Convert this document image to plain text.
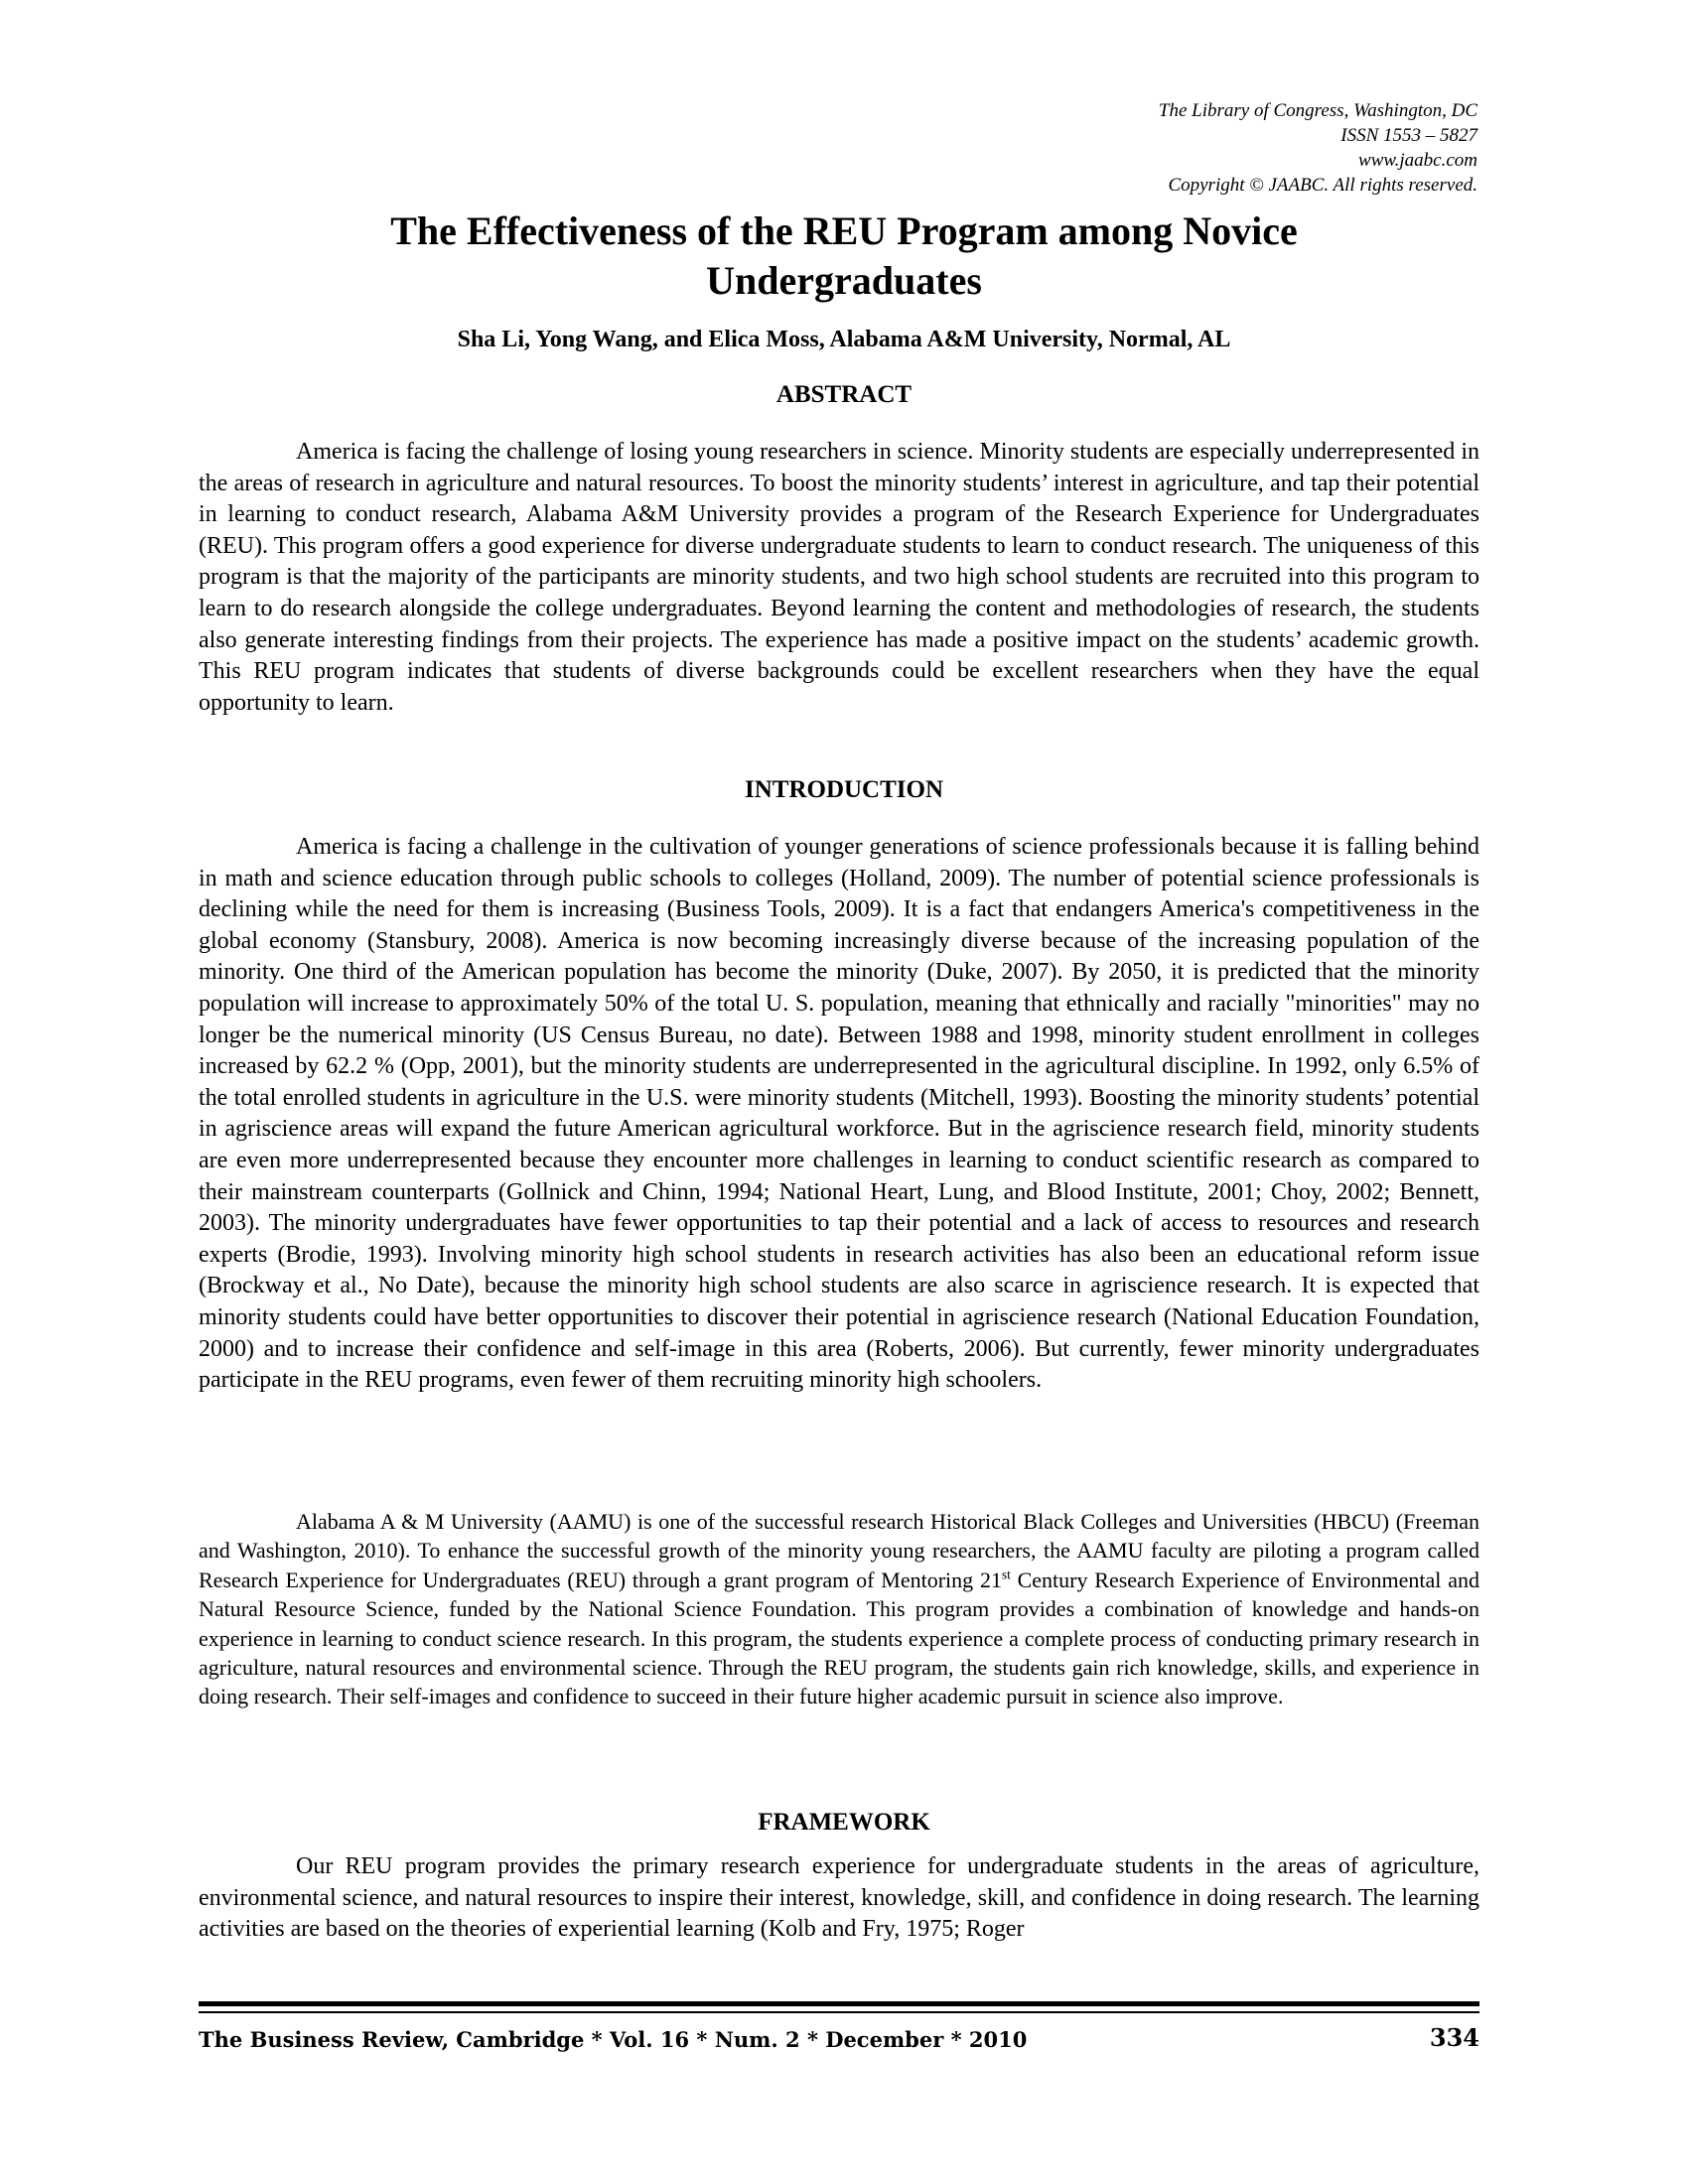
The Library of Congress, Washington, DC
ISSN 1553 – 5827
www.jaabc.com
Copyright © JAABC. All rights reserved.
The Effectiveness of the REU Program among Novice
Undergraduates
Sha Li, Yong Wang, and Elica Moss, Alabama A&M University, Normal, AL
ABSTRACT

America is facing the challenge of losing young researchers in science. Minority students are especially underrepresented in the areas of research in agriculture and natural resources. To boost the minority students’ interest in agriculture, and tap their potential in learning to conduct research, Alabama A&M University provides a program of the Research Experience for Undergraduates (REU). This program offers a good experience for diverse undergraduate students to learn to conduct research. The uniqueness of this program is that the majority of the participants are minority students, and two high school students are recruited into this program to learn to do research alongside the college undergraduates. Beyond learning the content and methodologies of research, the students also generate interesting findings from their projects. The experience has made a positive impact on the students’ academic growth. This REU program indicates that students of diverse backgrounds could be excellent researchers when they have the equal opportunity to learn.

INTRODUCTION

America is facing a challenge in the cultivation of younger generations of science professionals because it is falling behind in math and science education through public schools to colleges (Holland, 2009). The number of potential science professionals is declining while the need for them is increasing (Business Tools, 2009). It is a fact that endangers America's competitiveness in the global economy (Stansbury, 2008). America is now becoming increasingly diverse because of the increasing population of the minority. One third of the American population has become the minority (Duke, 2007). By 2050, it is predicted that the minority population will increase to approximately 50% of the total U. S. population, meaning that ethnically and racially "minorities" may no longer be the numerical minority (US Census Bureau, no date). Between 1988 and 1998, minority student enrollment in colleges increased by 62.2 % (Opp, 2001), but the minority students are underrepresented in the agricultural discipline. In 1992, only 6.5% of the total enrolled students in agriculture in the U.S. were minority students (Mitchell, 1993). Boosting the minority students’ potential in agriscience areas will expand the future American agricultural workforce. But in the agriscience research field, minority students are even more underrepresented because they encounter more challenges in learning to conduct scientific research as compared to their mainstream counterparts (Gollnick and Chinn, 1994; National Heart, Lung, and Blood Institute, 2001; Choy, 2002; Bennett, 2003). The minority undergraduates have fewer opportunities to tap their potential and a lack of access to resources and research experts (Brodie, 1993). Involving minority high school students in research activities has also been an educational reform issue (Brockway et al., No Date), because the minority high school students are also scarce in agriscience research. It is expected that minority students could have better opportunities to discover their potential in agriscience research (National Education Foundation, 2000) and to increase their confidence and self-image in this area (Roberts, 2006). But currently, fewer minority undergraduates participate in the REU programs, even fewer of them recruiting minority high schoolers.

Alabama A & M University (AAMU) is one of the successful research Historical Black Colleges and Universities (HBCU) (Freeman and Washington, 2010). To enhance the successful growth of the minority young researchers, the AAMU faculty are piloting a program called Research Experience for Undergraduates (REU) through a grant program of Mentoring 21st Century Research Experience of Environmental and Natural Resource Science, funded by the National Science Foundation. This program provides a combination of knowledge and hands-on experience in learning to conduct science research. In this program, the students experience a complete process of conducting primary research in agriculture, natural resources and environmental science. Through the REU program, the students gain rich knowledge, skills, and experience in doing research. Their self-images and confidence to succeed in their future higher academic pursuit in science also improve.

FRAMEWORK

Our REU program provides the primary research experience for undergraduate students in the areas of agriculture, environmental science, and natural resources to inspire their interest, knowledge, skill, and confidence in doing research. The learning activities are based on the theories of experiential learning (Kolb and Fry, 1975; Roger

The Business Review, Cambridge * Vol. 16 * Num. 2 * December * 2010	334
